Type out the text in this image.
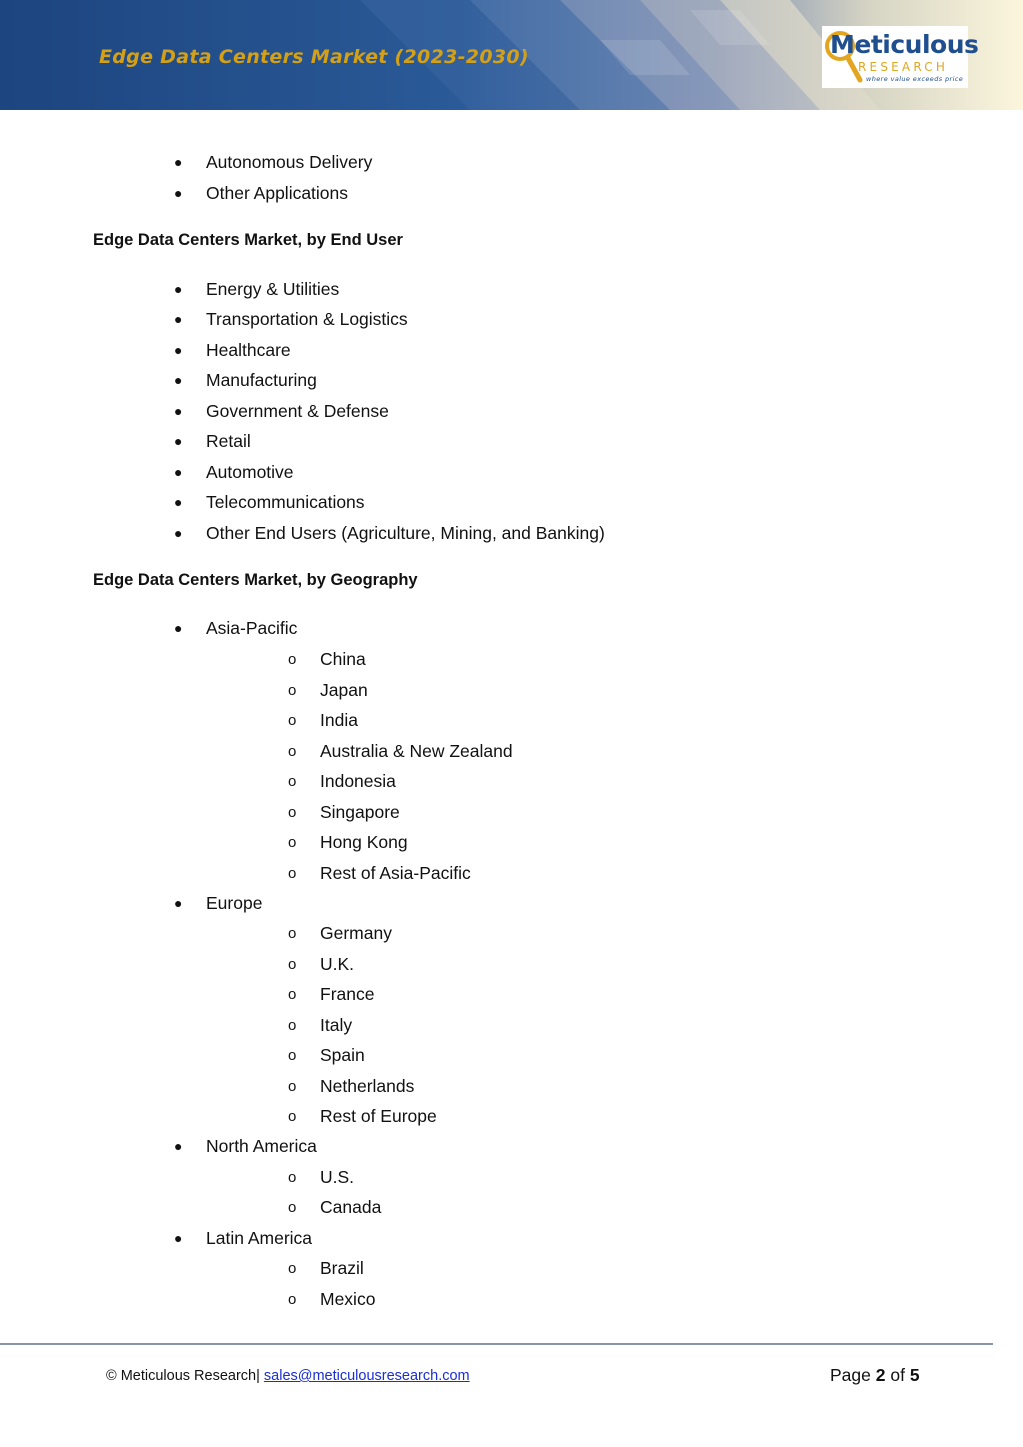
Edge Data Centers Market (2023-2030)	Meticulous
RESEARCH
where value exceeds price
● Autonomous Delivery
● Other Applications
Edge Data Centers Market, by End User
● Energy & Utilities
● Transportation & Logistics
● Healthcare
● Manufacturing
● Government & Defense
● Retail
● Automotive
● Telecommunications
● Other End Users (Agriculture, Mining, and Banking)
Edge Data Centers Market, by Geography
● Asia-Pacific
o China
o Japan
o India
o Australia & New Zealand
o Indonesia
o Singapore
o Hong Kong
o Rest of Asia-Pacific
● Europe
o Germany
o U.K.
o France
o Italy
o Spain
o Netherlands
o Rest of Europe
● North America
o U.S.
o Canada
● Latin America
o Brazil
o Mexico
© Meticulous Research| sales@meticulousresearch.com	Page 2 of 5
